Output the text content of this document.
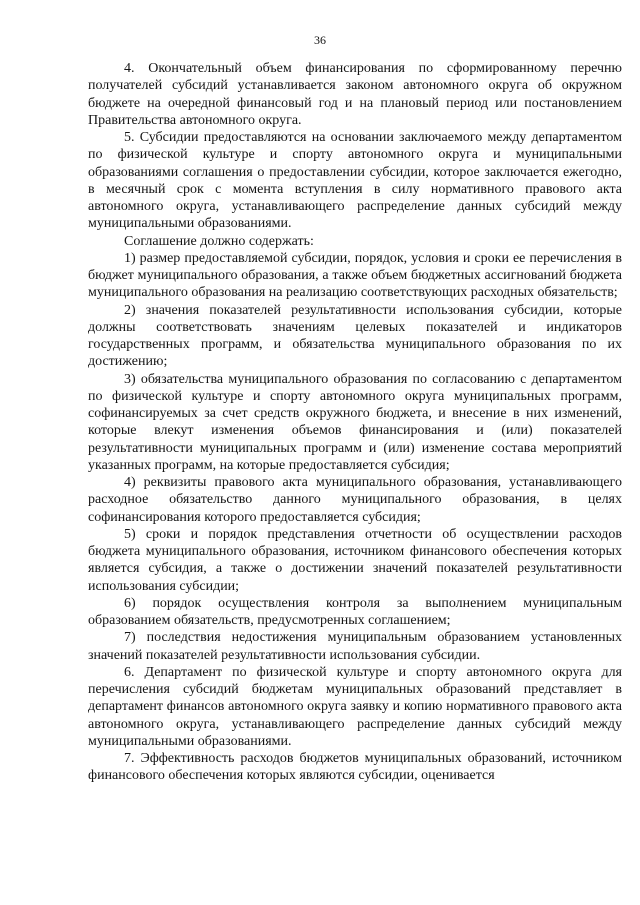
36

4. Окончательный объем финансирования по сформированному перечню получателей субсидий устанавливается законом автономного округа об окружном бюджете на очередной финансовый год и на плановый период или постановлением Правительства автономного округа.

5. Субсидии предоставляются на основании заключаемого между департаментом по физической культуре и спорту автономного округа и муниципальными образованиями соглашения о предоставлении субсидии, которое заключается ежегодно, в месячный срок с момента вступления в силу нормативного правового акта автономного округа, устанавливающего распределение данных субсидий между муниципальными образованиями.

Соглашение должно содержать:

1) размер предоставляемой субсидии, порядок, условия и сроки ее перечисления в бюджет муниципального образования, а также объем бюджетных ассигнований бюджета муниципального образования на реализацию соответствующих расходных обязательств;

2) значения показателей результативности использования субсидии, которые должны соответствовать значениям целевых показателей и индикаторов государственных программ, и обязательства муниципального образования по их достижению;

3) обязательства муниципального образования по согласованию с департаментом по физической культуре и спорту автономного округа муниципальных программ, софинансируемых за счет средств окружного бюджета, и внесение в них изменений, которые влекут изменения объемов финансирования и (или) показателей результативности муниципальных программ и (или) изменение состава мероприятий указанных программ, на которые предоставляется субсидия;

4) реквизиты правового акта муниципального образования, устанавливающего расходное обязательство данного муниципального образования, в целях софинансирования которого предоставляется субсидия;

5) сроки и порядок представления отчетности об осуществлении расходов бюджета муниципального образования, источником финансового обеспечения которых является субсидия, а также о достижении значений показателей результативности использования субсидии;

6) порядок осуществления контроля за выполнением муниципальным образованием обязательств, предусмотренных соглашением;

7) последствия недостижения муниципальным образованием установленных значений показателей результативности использования субсидии.

6. Департамент по физической культуре и спорту автономного округа для перечисления субсидий бюджетам муниципальных образований представляет в департамент финансов автономного округа заявку и копию нормативного правового акта автономного округа, устанавливающего распределение данных субсидий между муниципальными образованиями.

7. Эффективность расходов бюджетов муниципальных образований, источником финансового обеспечения которых являются субсидии, оценивается
